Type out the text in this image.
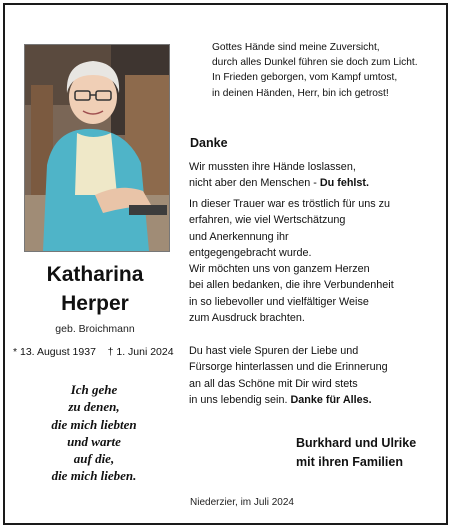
Katharina
Herper
geb. Broichmann
* 13. August 1937 † 1. Juni 2024
Ich gehe
zu denen,
die mich liebten
und warte
auf die,
die mich lieben.
Gottes Hände sind meine Zuversicht,
durch alles Dunkel führen sie doch zum Licht.
In Frieden geborgen, vom Kampf umtost,
in deinen Händen, Herr, bin ich getrost!
Danke
Wir mussten ihre Hände loslassen,
nicht aber den Menschen - Du fehlst.
In dieser Trauer war es tröstlich für uns zu
erfahren, wie viel Wertschätzung
und Anerkennung ihr
entgegengebracht wurde.
Wir möchten uns von ganzem Herzen
bei allen bedanken, die ihre Verbundenheit
in so liebevoller und vielfältiger Weise
zum Ausdruck brachten.
Du hast viele Spuren der Liebe und
Fürsorge hinterlassen und die Erinnerung
an all das Schöne mit Dir wird stets
in uns lebendig sein. Danke für Alles.
Burkhard und Ulrike
mit ihren Familien
Niederzier, im Juli 2024
